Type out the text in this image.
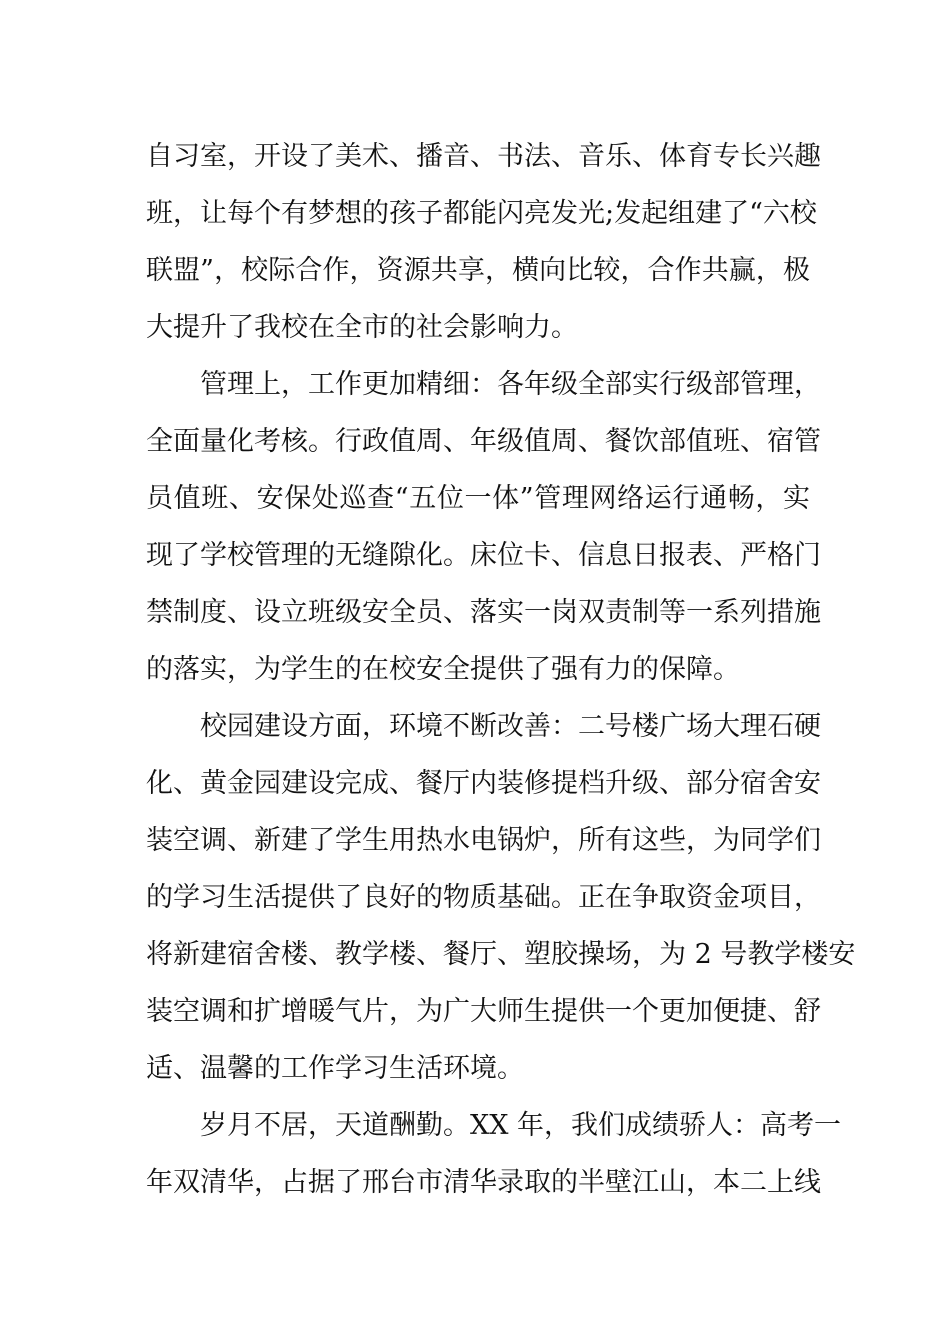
自习室，开设了美术、播音、书法、音乐、体育专长兴趣
班，让每个有梦想的孩子都能闪亮发光;发起组建了“六校
联盟”，校际合作，资源共享，横向比较，合作共赢，极
大提升了我校在全市的社会影响力。
管理上，工作更加精细：各年级全部实行级部管理，
全面量化考核。行政值周、年级值周、餐饮部值班、宿管
员值班、安保处巡查“五位一体”管理网络运行通畅，实
现了学校管理的无缝隙化。床位卡、信息日报表、严格门
禁制度、设立班级安全员、落实一岗双责制等一系列措施
的落实，为学生的在校安全提供了强有力的保障。
校园建设方面，环境不断改善：二号楼广场大理石硬
化、黄金园建设完成、餐厅内装修提档升级、部分宿舍安
装空调、新建了学生用热水电锅炉，所有这些，为同学们
的学习生活提供了良好的物质基础。正在争取资金项目，
将新建宿舍楼、教学楼、餐厅、塑胶操场，为 2 号教学楼安
装空调和扩增暖气片，为广大师生提供一个更加便捷、舒
适、温馨的工作学习生活环境。
岁月不居，天道酬勤。XX 年，我们成绩骄人：高考一
年双清华，占据了邢台市清华录取的半壁江山，本二上线
